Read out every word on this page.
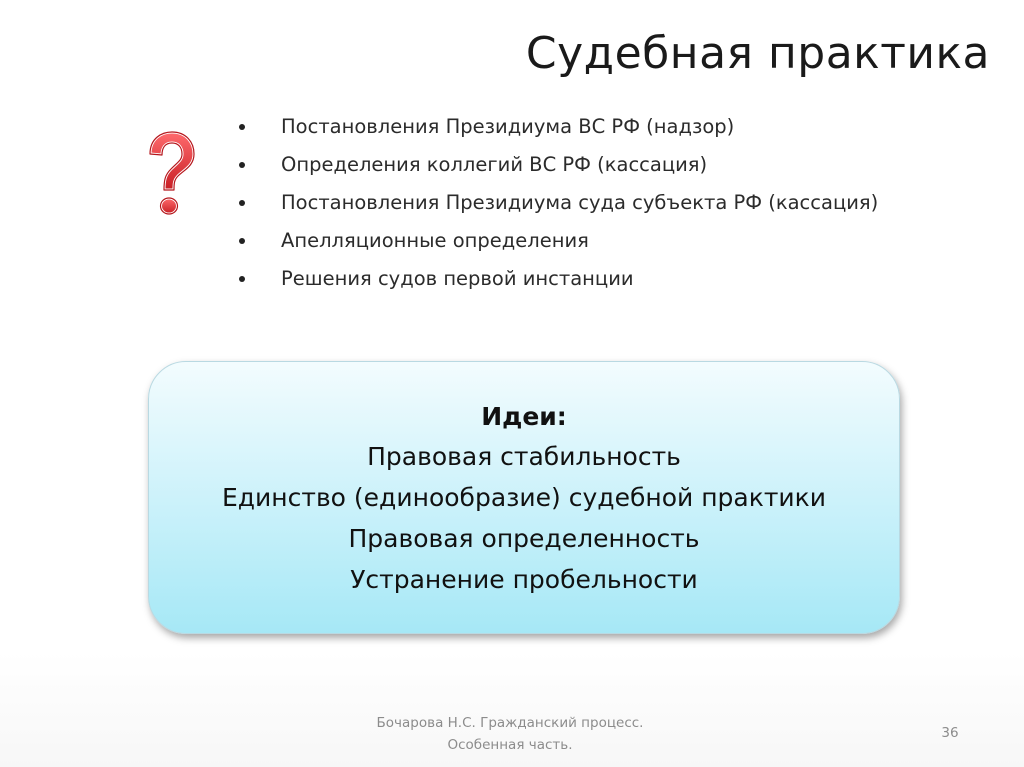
Судебная практика
Постановления Президиума ВС РФ (надзор)
Определения коллегий ВС РФ (кассация)
Постановления Президиума суда субъекта РФ (кассация)
Апелляционные определения
Решения судов первой инстанции
Идеи:
Правовая стабильность
Единство (единообразие) судебной практики
Правовая определенность
Устранение пробельности
Бочарова Н.С. Гражданский процесс.
Особенная часть.
36
